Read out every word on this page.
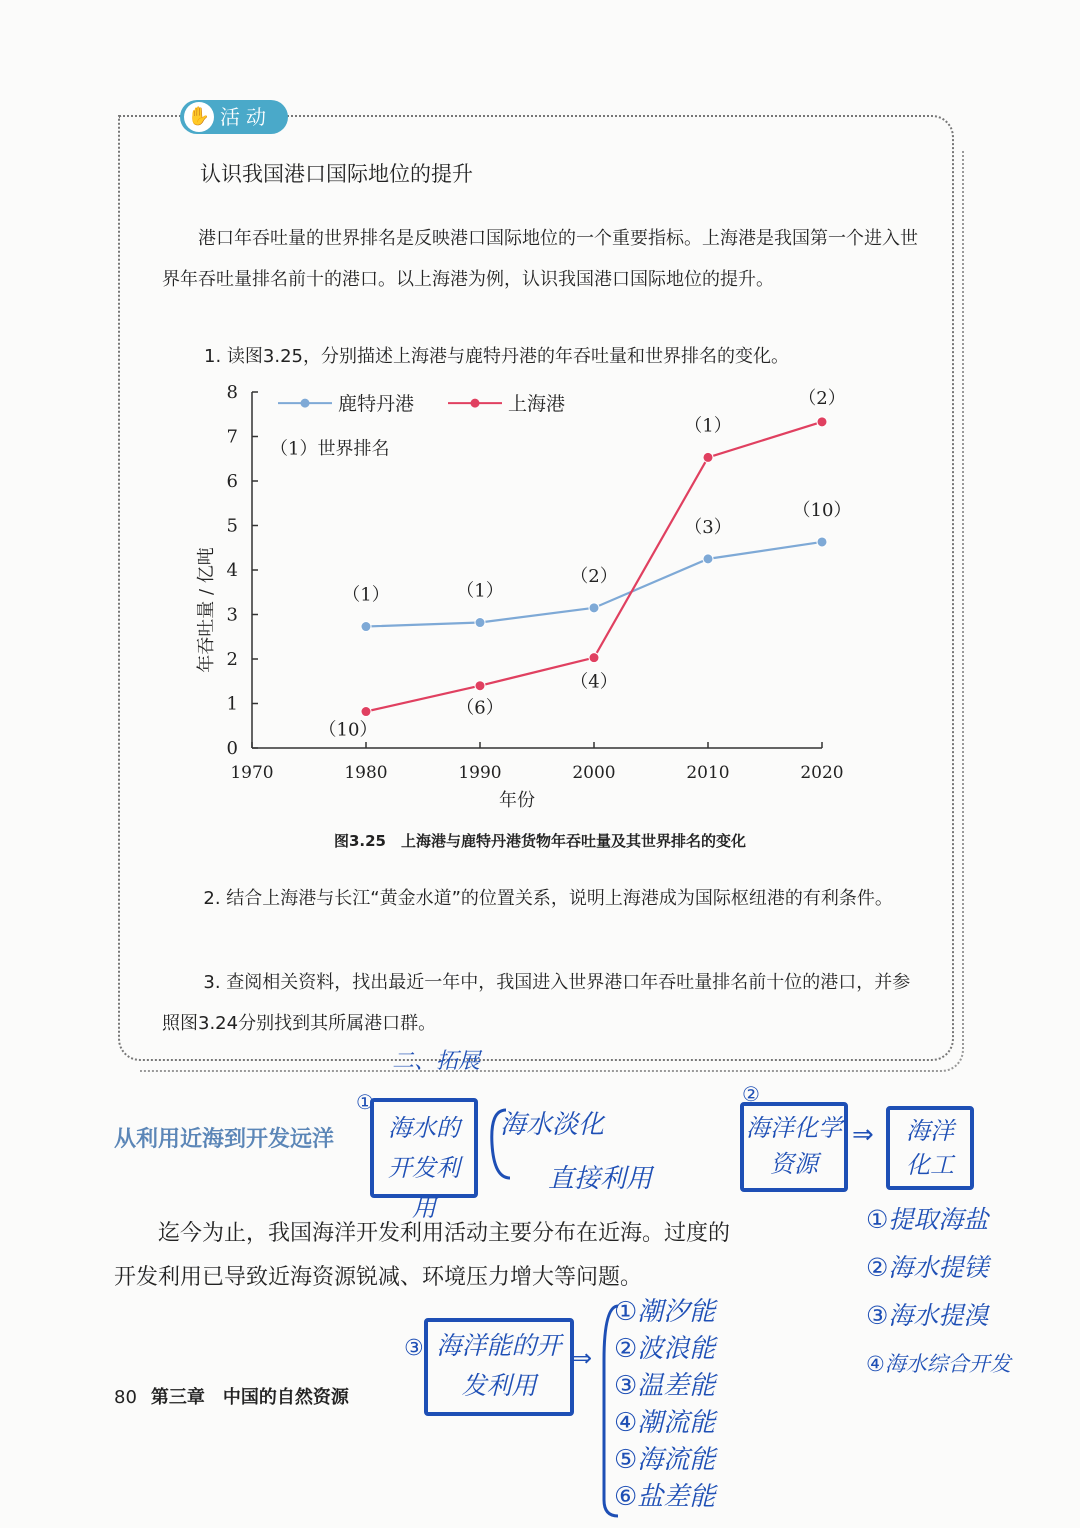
✋ 活动
认识我国港口国际地位的提升
港口年吞吐量的世界排名是反映港口国际地位的一个重要指标。上海港是我国第一个进入世界年吞吐量排名前十的港口。以上海港为例，认识我国港口国际地位的提升。
1. 读图3.25，分别描述上海港与鹿特丹港的年吞吐量和世界排名的变化。
0
1
2
3
4
5
6
7
8
1970	1980	1990	2000	2010	2020
年份
年吞吐量 / 亿吨
（1）世界排名
鹿特丹港	上海港
（1）	（1）
（2）
（3）
（10）
（10）
（6）
（4）
（1）
（2）
图3.25　上海港与鹿特丹港货物年吞吐量及其世界排名的变化
2. 结合上海港与长江“黄金水道”的位置关系，说明上海港成为国际枢纽港的有利条件。
3. 查阅相关资料，找出最近一年中，我国进入世界港口年吞吐量排名前十位的港口，并参照图3.24分别找到其所属港口群。
从利用近海到开发远洋
迄今为止，我国海洋开发利用活动主要分布在近海。过度的开发利用已导致近海资源锐减、环境压力增大等问题。
80 第三章　中国的自然资源
二、拓展
①
海水的开发利用
海水淡化
直接利用
②
海洋化学资源
⇒	海洋化工
①提取海盐
②海水提镁
③海水提溴
④海水综合开发
③ 海洋能的开发利用
⇒
①潮汐能
②波浪能
③温差能
④潮流能
⑤海流能
⑥盐差能
